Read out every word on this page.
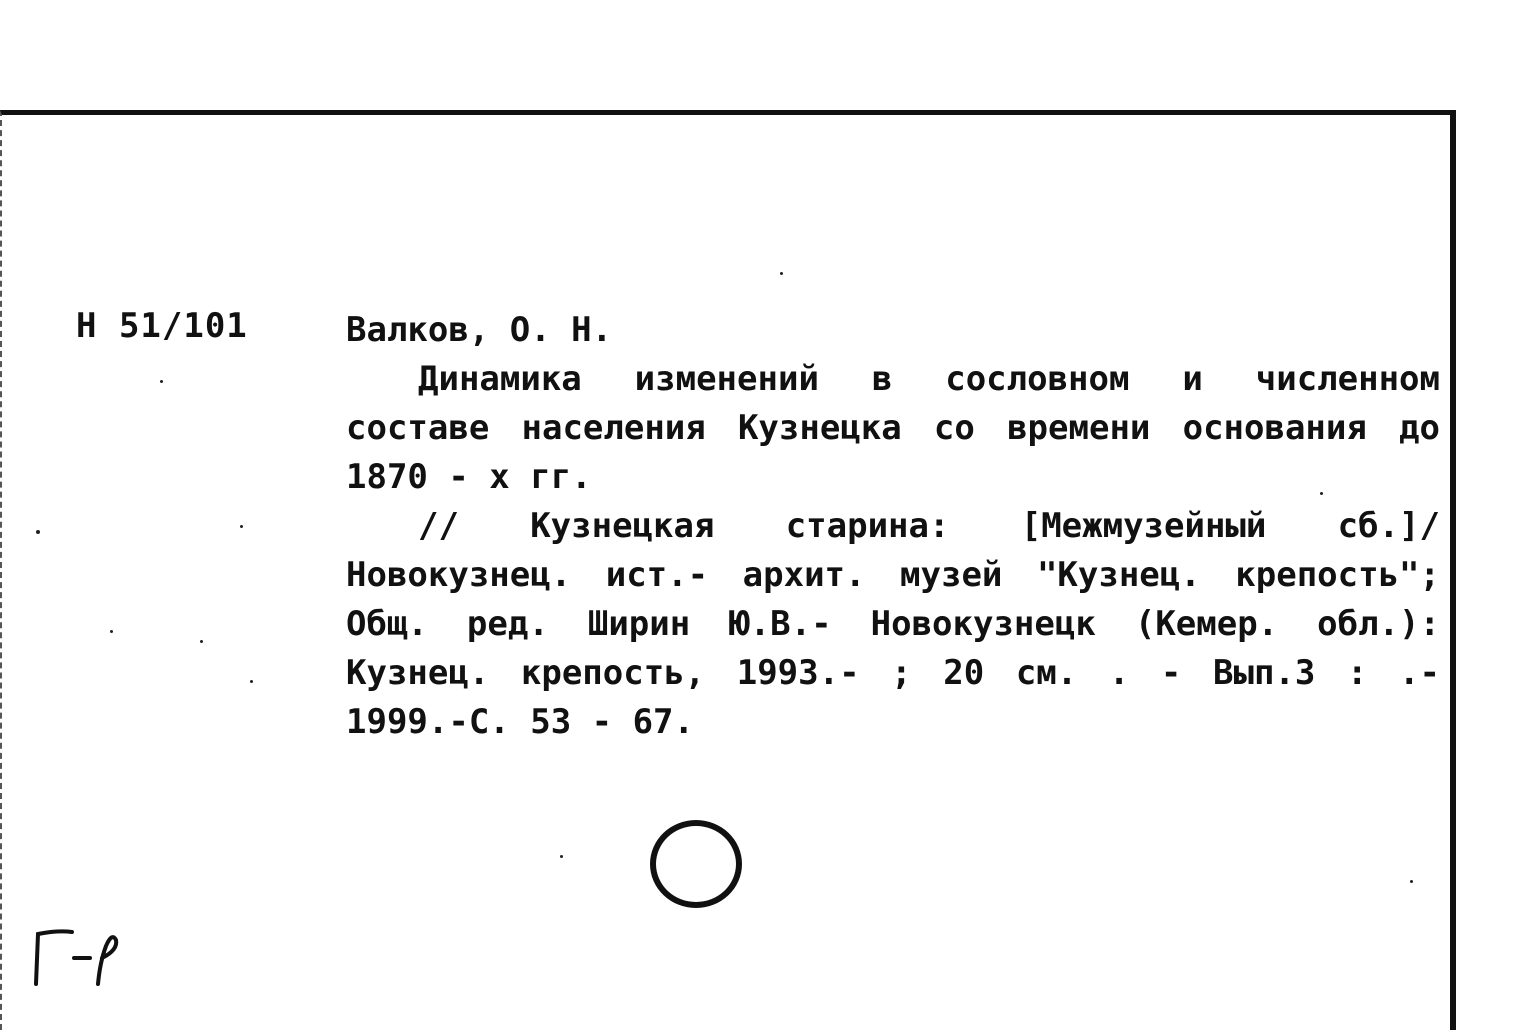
Н 51/101	Валков, О. Н.
Динамика изменений в сословном и численном составе населения Кузнецка со времени основания до 1870 - х гг.
// Кузнецкая старина: [Межмузейный сб.]/ Новокузнец. ист.- архит. музей "Кузнец. крепость"; Общ. ред. Ширин Ю.В.- Новокузнецк (Кемер. обл.): Кузнец. крепость, 1993.- ; 20 см. . - Вып.3 : .- 1999.-С. 53 - 67.
